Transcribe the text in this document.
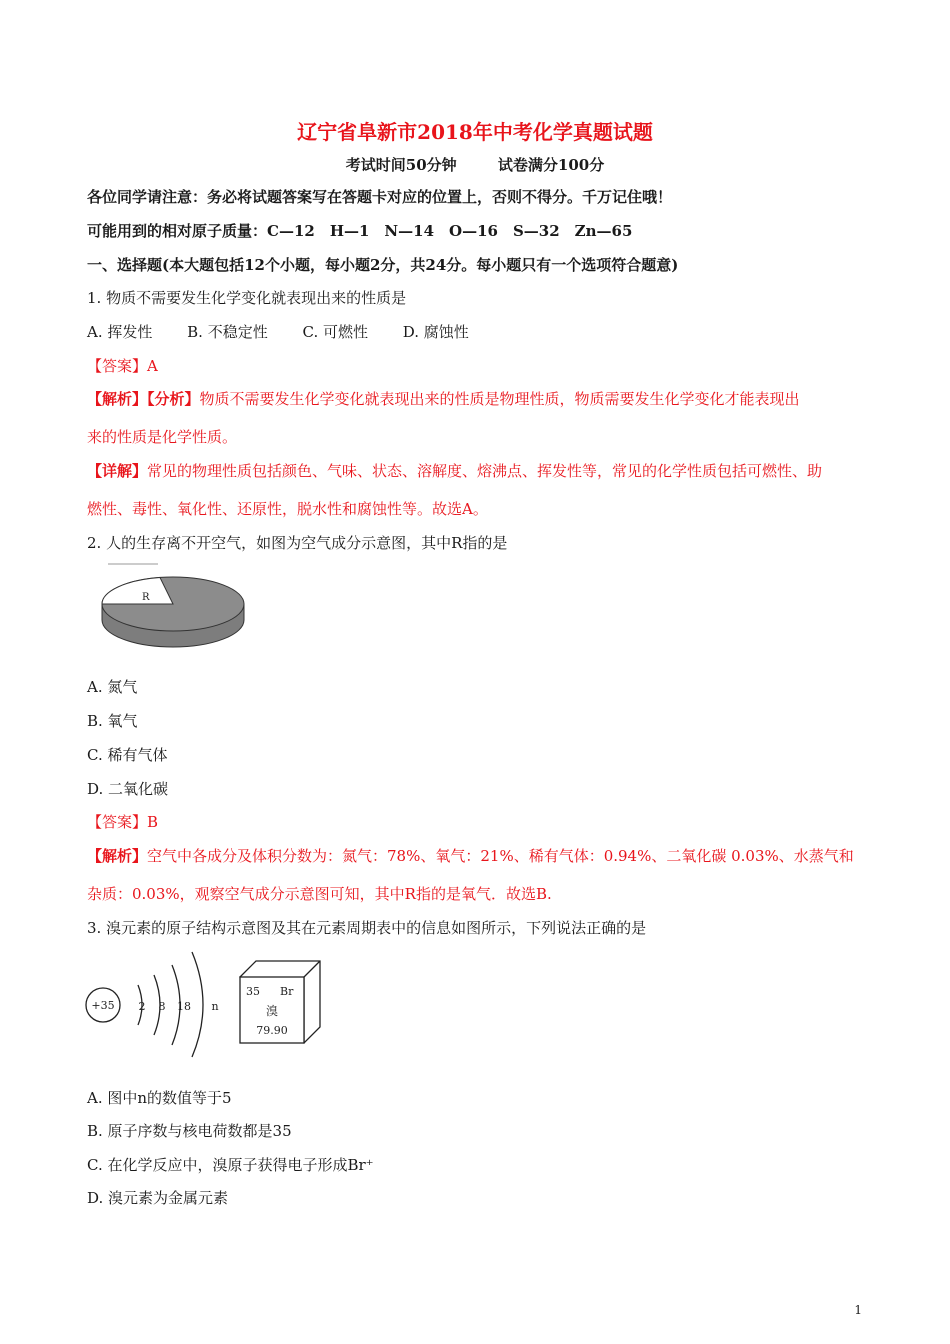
辽宁省阜新市2018年中考化学真题试题
考试时间50分钟	试卷满分100分
各位同学请注意：务必将试题答案写在答题卡对应的位置上，否则不得分。千万记住哦！
可能用到的相对原子质量：C—12　H—1　N—14　O—16　S—32　Zn—65
一、选择题(本大题包括12个小题，每小题2分，共24分。每小题只有一个选项符合题意)
1. 物质不需要发生化学变化就表现出来的性质是
A. 挥发性 B. 不稳定性 C. 可燃性 D. 腐蚀性
【答案】A
【解析】【分析】物质不需要发生化学变化就表现出来的性质是物理性质，物质需要发生化学变化才能表现出
来的性质是化学性质。
【详解】常见的物理性质包括颜色、气味、状态、溶解度、熔沸点、挥发性等，常见的化学性质包括可燃性、助
燃性、毒性、氧化性、还原性，脱水性和腐蚀性等。故选A。
2. 人的生存离不开空气，如图为空气成分示意图，其中R指的是
R
A. 氮气
B. 氧气
C. 稀有气体
D. 二氧化碳
【答案】B
【解析】空气中各成分及体积分数为：氮气：78%、氧气：21%、稀有气体：0.94%、二氧化碳 0.03%、水蒸气和
杂质：0.03%，观察空气成分示意图可知，其中R指的是氧气．故选B.
3. 溴元素的原子结构示意图及其在元素周期表中的信息如图所示，下列说法正确的是
+35 2 8 18 n
35 Br
溴
79.90
A. 图中n的数值等于5
B. 原子序数与核电荷数都是35
C. 在化学反应中，溴原子获得电子形成Br⁺
D. 溴元素为金属元素
1
